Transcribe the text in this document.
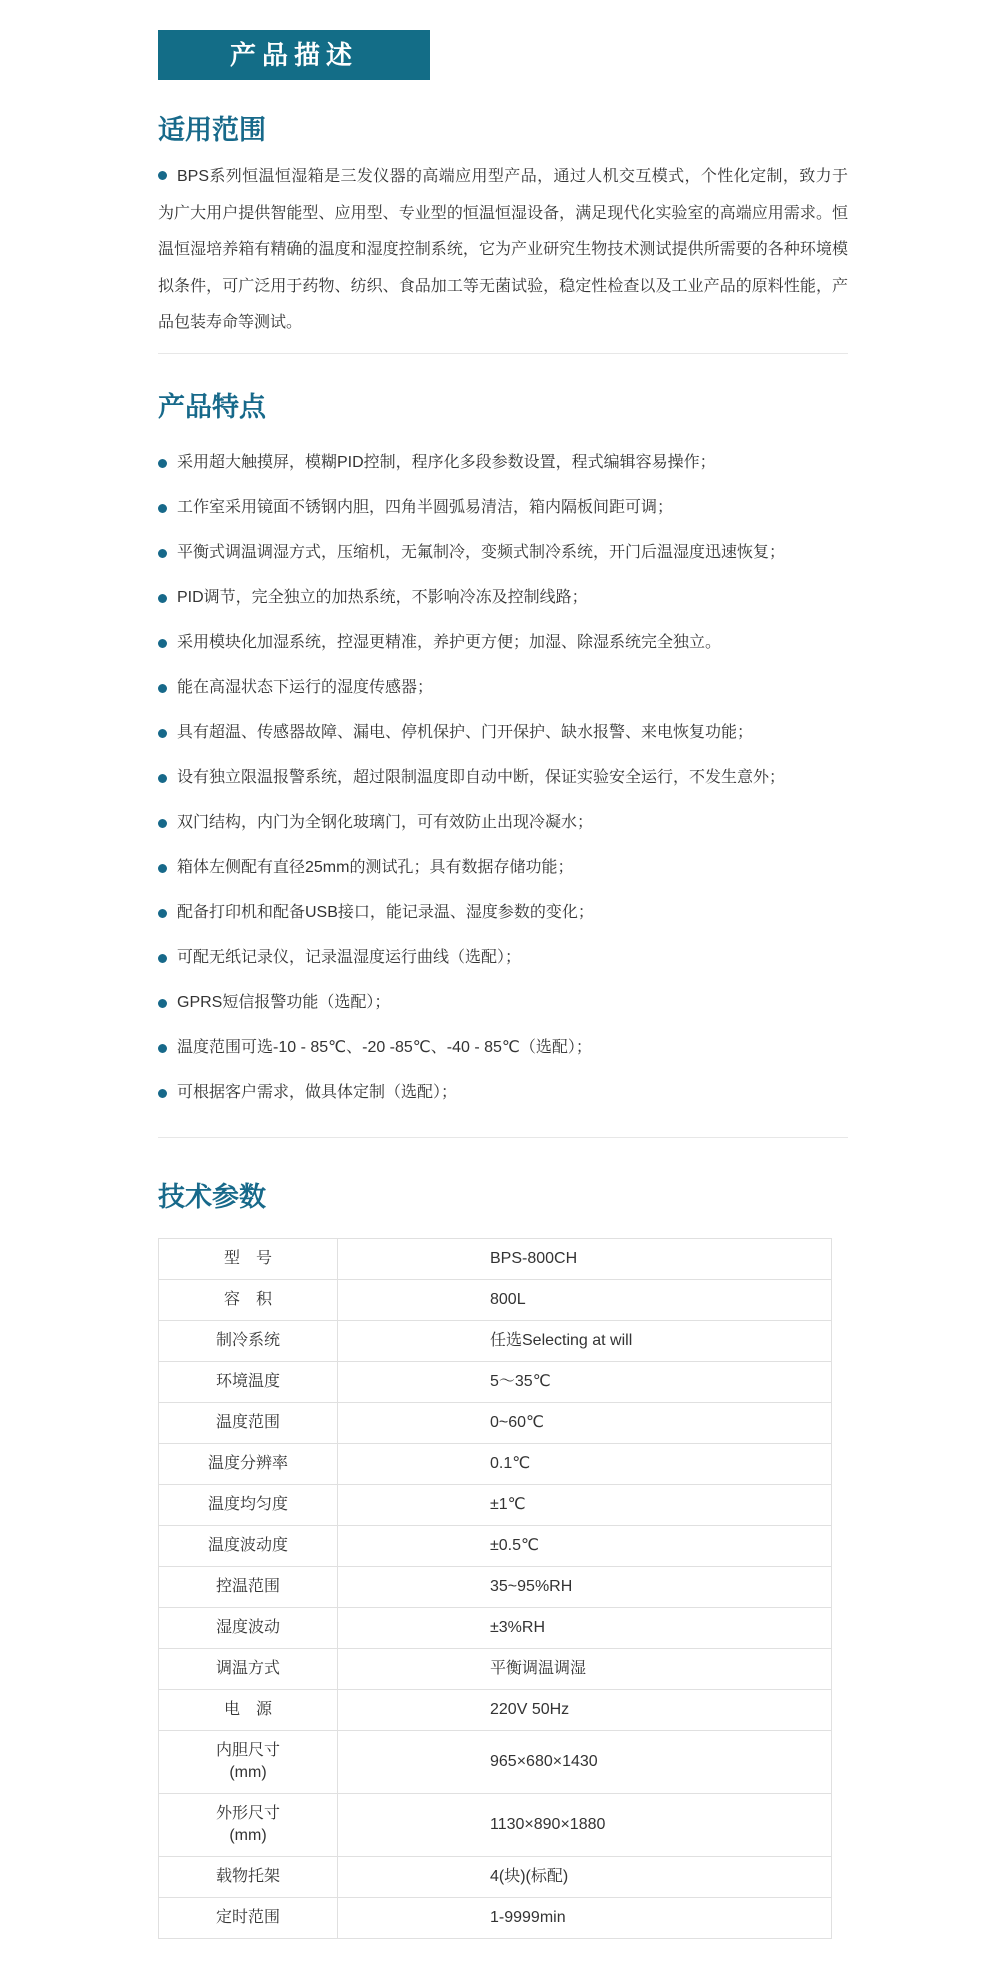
产品描述
适用范围

BPS系列恒温恒湿箱是三发仪器的高端应用型产品，通过人机交互模式，个性化定制，致力于为广大用户提供智能型、应用型、专业型的恒温恒湿设备，满足现代化实验室的高端应用需求。恒温恒湿培养箱有精确的温度和湿度控制系统，它为产业研究生物技术测试提供所需要的各种环境模拟条件，可广泛用于药物、纺织、食品加工等无菌试验，稳定性检查以及工业产品的原料性能，产品包装寿命等测试。

产品特点
采用超大触摸屏，模糊PID控制，程序化多段参数设置，程式编辑容易操作；
工作室采用镜面不锈钢内胆，四角半圆弧易清洁，箱内隔板间距可调；
平衡式调温调湿方式，压缩机，无氟制冷，变频式制冷系统，开门后温湿度迅速恢复；
PID调节，完全独立的加热系统，不影响冷冻及控制线路；
采用模块化加湿系统，控湿更精准，养护更方便；加湿、除湿系统完全独立。
能在高湿状态下运行的湿度传感器；
具有超温、传感器故障、漏电、停机保护、门开保护、缺水报警、来电恢复功能；
设有独立限温报警系统，超过限制温度即自动中断，保证实验安全运行，不发生意外；
双门结构，内门为全钢化玻璃门，可有效防止出现冷凝水；
箱体左侧配有直径25mm的测试孔；具有数据存储功能；
配备打印机和配备USB接口，能记录温、湿度参数的变化；
可配无纸记录仪，记录温湿度运行曲线（选配）；
GPRS短信报警功能（选配）；
温度范围可选-10 - 85℃、-20 -85℃、-40 - 85℃（选配）；
可根据客户需求，做具体定制（选配）；
技术参数
型　号	BPS-800CH

容　积	800L

制冷系统	任选Selecting at will

环境温度	5～35℃

温度范围	0~60℃

温度分辨率	0.1℃

温度均匀度	±1℃

温度波动度	±0.5℃

控温范围	35~95%RH

湿度波动	±3%RH

调温方式	平衡调温调湿

电　源	220V 50Hz

内胆尺寸
(mm)	965×680×1430

外形尺寸
(mm)	1130×890×1880

载物托架	4(块)(标配)

定时范围	1-9999min
